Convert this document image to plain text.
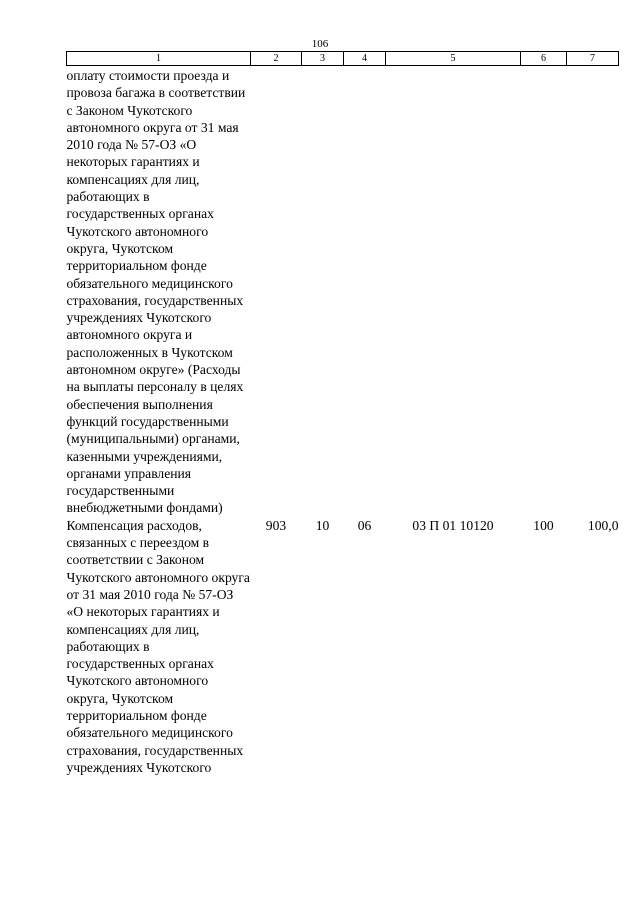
106
1	2	3	4	5	6	7
оплату стоимости проезда и провоза багажа в соответствии с Законом Чукотского автономного округа от 31 мая 2010 года № 57-ОЗ «О некоторых гарантиях и компенсациях для лиц, работающих в государственных органах Чукотского автономного округа, Чукотском территориальном фонде обязательного медицинского страхования, государственных учреждениях Чукотского автономного округа и расположенных в Чукотском автономном округе» (Расходы на выплаты персоналу в целях обеспечения выполнения функций государственными (муниципальными) органами, казенными учреждениями, органами управления государственными внебюджетными фондами)						
Компенсация расходов, связанных с переездом в соответствии с Законом Чукотского автономного округа от 31 мая 2010 года № 57-ОЗ «О некоторых гарантиях и компенсациях для лиц, работающих в государственных органах Чукотского автономного округа, Чукотском территориальном фонде обязательного медицинского страхования, государственных учреждениях Чукотского	903	10	06	03 П 01 10120	100	100,0
